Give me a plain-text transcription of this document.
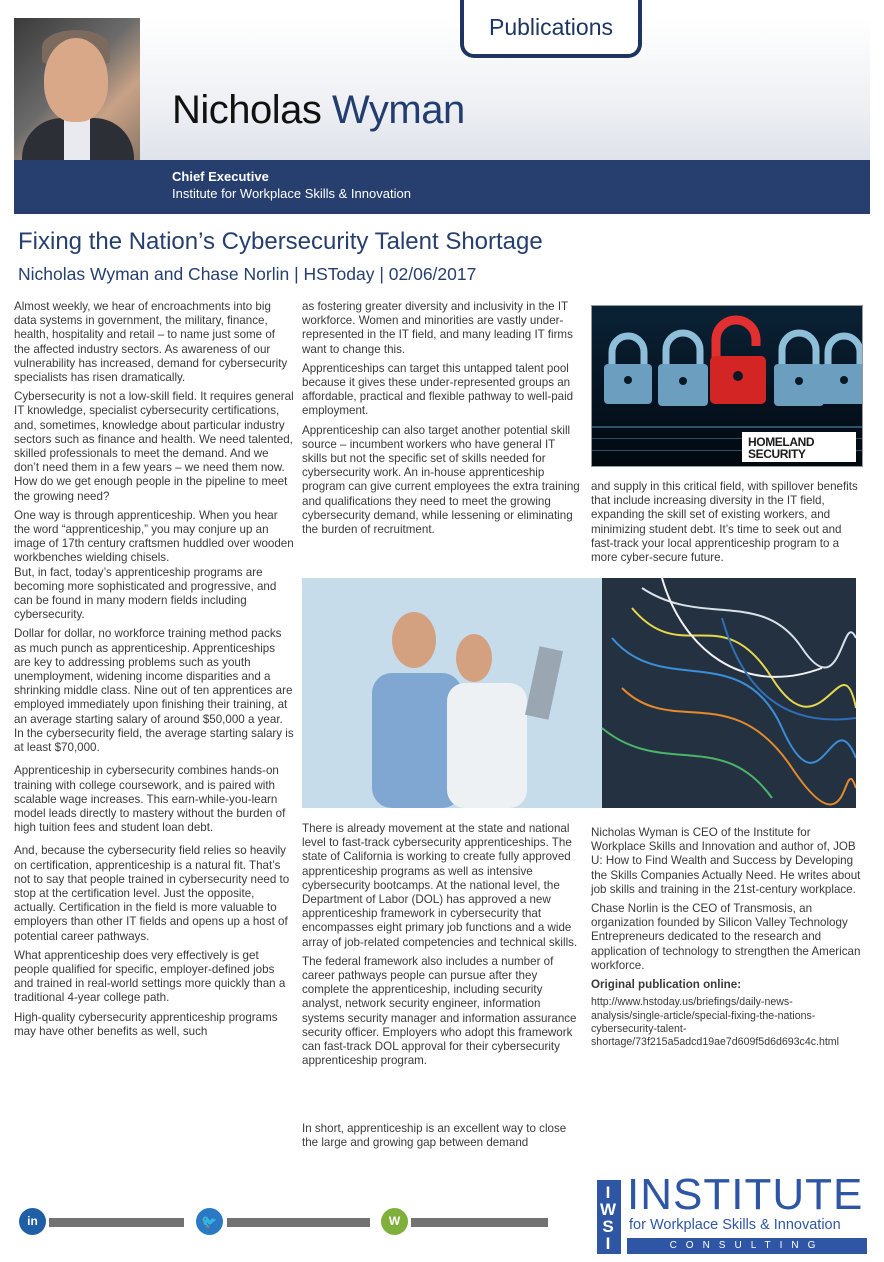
Nicholas Wyman
Publications
Chief Executive
Institute for Workplace Skills & Innovation
Fixing the Nation’s Cybersecurity Talent Shortage
Nicholas Wyman and Chase Norlin | HSToday | 02/06/2017

Almost weekly, we hear of encroachments into big data systems in government, the military, finance, health, hospitality and retail – to name just some of the affected industry sectors. As awareness of our vulnerability has increased, demand for cybersecurity specialists has risen dramatically.

Cybersecurity is not a low-skill field. It requires general IT knowledge, specialist cybersecurity certifications, and, sometimes, knowledge about particular industry sectors such as finance and health. We need talented, skilled professionals to meet the demand. And we don’t need them in a few years – we need them now. How do we get enough people in the pipeline to meet the growing need?

One way is through apprenticeship. When you hear the word “apprenticeship,” you may conjure up an image of 17th century craftsmen huddled over wooden workbenches wielding chisels.

But, in fact, today’s apprenticeship programs are becoming more sophisticated and progressive, and can be found in many modern fields including cybersecurity.

Dollar for dollar, no workforce training method packs as much punch as apprenticeship. Apprenticeships are key to addressing problems such as youth unemployment, widening income disparities and a shrinking middle class. Nine out of ten apprentices are employed immediately upon finishing their training, at an average starting salary of around $50,000 a year. In the cybersecurity field, the average starting salary is at least $70,000.

Apprenticeship in cybersecurity combines hands-on training with college coursework, and is paired with scalable wage increases. This earn-while-you-learn model leads directly to mastery without the burden of high tuition fees and student loan debt.

And, because the cybersecurity field relies so heavily on certification, apprenticeship is a natural fit. That’s not to say that people trained in cybersecurity need to stop at the certification level. Just the opposite, actually. Certification in the field is more valuable to employers than other IT fields and opens up a host of potential career pathways.

What apprenticeship does very effectively is get people qualified for specific, employer-defined jobs and trained in real-world settings more quickly than a traditional 4-year college path.

High-quality cybersecurity apprenticeship programs may have other benefits as well, such

as fostering greater diversity and inclusivity in the IT workforce. Women and minorities are vastly under-represented in the IT field, and many leading IT firms want to change this.

Apprenticeships can target this untapped talent pool because it gives these under-represented groups an affordable, practical and flexible pathway to well-paid employment.

Apprenticeship can also target another potential skill source – incumbent workers who have general IT skills but not the specific set of skills needed for cybersecurity work. An in-house apprenticeship program can give current employees the extra training and qualifications they need to meet the growing cybersecurity demand, while lessening or eliminating the burden of recruitment.

HOMELAND
SECURITY

and supply in this critical field, with spillover benefits that include increasing diversity in the IT field, expanding the skill set of existing workers, and minimizing student debt. It’s time to seek out and fast-track your local apprenticeship program to a more cyber-secure future.

There is already movement at the state and national level to fast-track cybersecurity apprenticeships. The state of California is working to create fully approved apprenticeship programs as well as intensive cybersecurity bootcamps. At the national level, the Department of Labor (DOL) has approved a new apprenticeship framework in cybersecurity that encompasses eight primary job functions and a wide array of job-related competencies and technical skills.

The federal framework also includes a number of career pathways people can pursue after they complete the apprenticeship, including security analyst, network security engineer, information systems security manager and information assurance security officer. Employers who adopt this framework can fast-track DOL approval for their cybersecurity apprenticeship program.

In short, apprenticeship is an excellent way to close the large and growing gap between demand

Nicholas Wyman is CEO of the Institute for Workplace Skills and Innovation and author of, JOB U: How to Find Wealth and Success by Developing the Skills Companies Actually Need. He writes about job skills and training in the 21st-century workplace.

Chase Norlin is the CEO of Transmosis, an organization founded by Silicon Valley Technology Entrepreneurs dedicated to the research and application of technology to strengthen the American workforce.

Original publication online:

http://www.hstoday.us/briefings/daily-news-analysis/single-article/special-fixing-the-nations-cybersecurity-talent-shortage/73f215a5adcd19ae7d609f5d6d693c4c.html

in	🐦	W
I
W
S
I
INSTITUTE
for Workplace Skills & Innovation
CONSULTING
